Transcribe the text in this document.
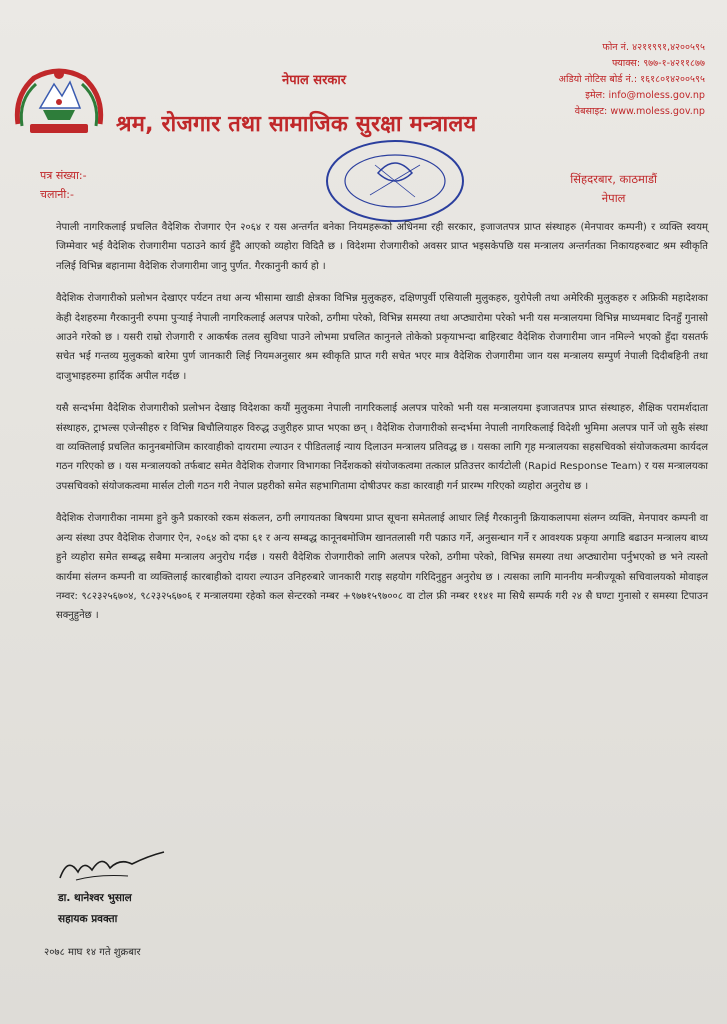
नेपाल सरकार
श्रम, रोजगार तथा सामाजिक सुरक्षा मन्त्रालय
फोन नं. ४२११९९१,४२००५९५
फ्याक्स: ९७७-१-४२११८७७
अडियो नोटिस बोर्ड नं.: १६१८०१४२००५९५
इमेल: info@moless.gov.np
वेबसाइट: www.moless.gov.np
पत्र संख्या:-
चलानी:-
सिंहदरबार, काठमाडौं
नेपाल

नेपाली नागरिकलाई प्रचलित वैदेशिक रोजगार ऐन २०६४ र यस अन्तर्गत बनेका नियमहरूको अधिनमा रही सरकार, इजाजतपत्र प्राप्त संस्थाहरु (मेनपावर कम्पनी) र व्यक्ति स्वयम् जिम्मेवार भई वैदेशिक रोजगारीमा पठाउने कार्य हुँदै आएको व्यहोरा विदितै छ । विदेशमा रोजगारीको अवसर प्राप्त भइसकेपछि यस मन्त्रालय अन्तर्गतका निकायहरुबाट श्रम स्वीकृति नलिई विभिन्न बहानामा वैदेशिक रोजगारीमा जानु पुर्णत. गैरकानुनी कार्य हो ।

वैदेशिक रोजगारीको प्रलोभन देखाएर पर्यटन तथा अन्य भीसामा खाडी क्षेत्रका विभिन्न मुलुकहरु, दक्षिणपुर्वी एसियाली मुलुकहरु, युरोपेली तथा अमेरिकी मुलुकहरु र अफ्रिकी महादेशका केही देशहरुमा गैरकानुनी रुपमा पुऱ्याई नेपाली नागरिकलाई अलपत्र पारेको, ठगीमा परेको, विभिन्न समस्या तथा अप्ठ्यारोमा परेको भनी यस मन्त्रालयमा विभिन्न माध्यमबाट दिनहुँ गुनासो आउने गरेको छ । यसरी राम्रो रोजगारी र आकर्षक तलव सुविधा पाउने लोभमा प्रचलित कानुनले तोकेको प्रकृयाभन्दा बाहिरबाट वैदेशिक रोजगारीमा जान नमिल्ने भएको हुँदा यसतर्फ सचेत भई गन्तव्य मुलुकको बारेमा पुर्ण जानकारी लिई नियमअनुसार श्रम स्वीकृति प्राप्त गरी सचेत भएर मात्र वैदेशिक रोजगारीमा जान यस मन्त्रालय सम्पुर्ण नेपाली दिदीबहिनी तथा दाजुभाइहरुमा हार्दिक अपील गर्दछ ।

यसै सन्दर्भमा वैदेशिक रोजगारीको प्रलोभन देखाइ विदेशका कयौं मुलुकमा नेपाली नागरिकलाई अलपत्र पारेको भनी यस मन्त्रालयमा इजाजतपत्र प्राप्त संस्थाहरु, शैक्षिक परामर्शदाता संस्थाहरु, ट्राभल्स एजेन्सीहरु र विभिन्न बिचौलियाहरु विरुद्ध उजुरीहरु प्राप्त भएका छन् । वैदेशिक रोजगारीको सन्दर्भमा नेपाली नागरिकलाई विदेशी भुमिमा अलपत्र पार्ने जो सुकै संस्था वा व्यक्तिलाई प्रचलित कानुनबमोजिम कारवाहीको दायरामा ल्याउन र पीडितलाई न्याय दिलाउन मन्त्रालय प्रतिवद्ध छ । यसका लागि गृह मन्त्रालयका सहसचिवको संयोजकत्वमा कार्यदल गठन गरिएको छ । यस मन्त्रालयको तर्फबाट समेत वैदेशिक रोजगार विभागका निर्देशकको संयोजकत्वमा तत्काल प्रतिउत्तर कार्यटोली (Rapid Response Team) र यस मन्त्रालयका उपसचिवको संयोजकत्वमा मार्सल टोली गठन गरी नेपाल प्रहरीको समेत सहभागितामा दोषीउपर कडा कारवाही गर्न प्रारम्भ गरिएको व्यहोरा अनुरोध छ ।

वैदेशिक रोजगारीका नाममा हुने कुनै प्रकारको रकम संकलन, ठगी लगायतका बिषयमा प्राप्त सूचना समेतलाई आधार लिई गैरकानुनी क्रियाकलापमा संलग्न व्यक्ति, मेनपावर कम्पनी वा अन्य संस्था उपर वैदेशिक रोजगार ऐन, २०६४ को दफा ६१ र अन्य सम्बद्ध कानूनबमोजिम खानतलासी गरी पक्राउ गर्ने, अनुसन्धान गर्ने र आवश्यक प्रकृया अगाडि बढाउन मन्त्रालय बाध्य हुने व्यहोरा समेत सम्बद्ध सबैमा मन्त्रालय अनुरोध गर्दछ । यसरी वैदेशिक रोजगारीको लागि अलपत्र परेको, ठगीमा परेको, विभिन्न समस्या तथा अप्ठ्यारोमा पर्नुभएको छ भने त्यस्तो कार्यमा संलग्न कम्पनी वा व्यक्तिलाई कारबाहीको दायरा ल्याउन उनिहरुबारे जानकारी गराइ सहयोग गरिदिनुहुन अनुरोध छ । त्यसका लागि माननीय मन्त्रीज्यूको सचिवालयको मोवाइल नम्वर: ९८२३२५६७०४, ९८२३२५६७०६ र मन्त्रालयमा रहेको कल सेन्टरको नम्बर +९७७१५९७००८ वा टोल फ्री नम्बर ११४१ मा सिधै सम्पर्क गरी २४ सै घण्टा गुनासो र समस्या टिपाउन सक्नुहुनेछ ।

डा. थानेश्वर भुसाल
सहायक प्रवक्ता
२०७८ माघ १४ गते शुक्रबार
